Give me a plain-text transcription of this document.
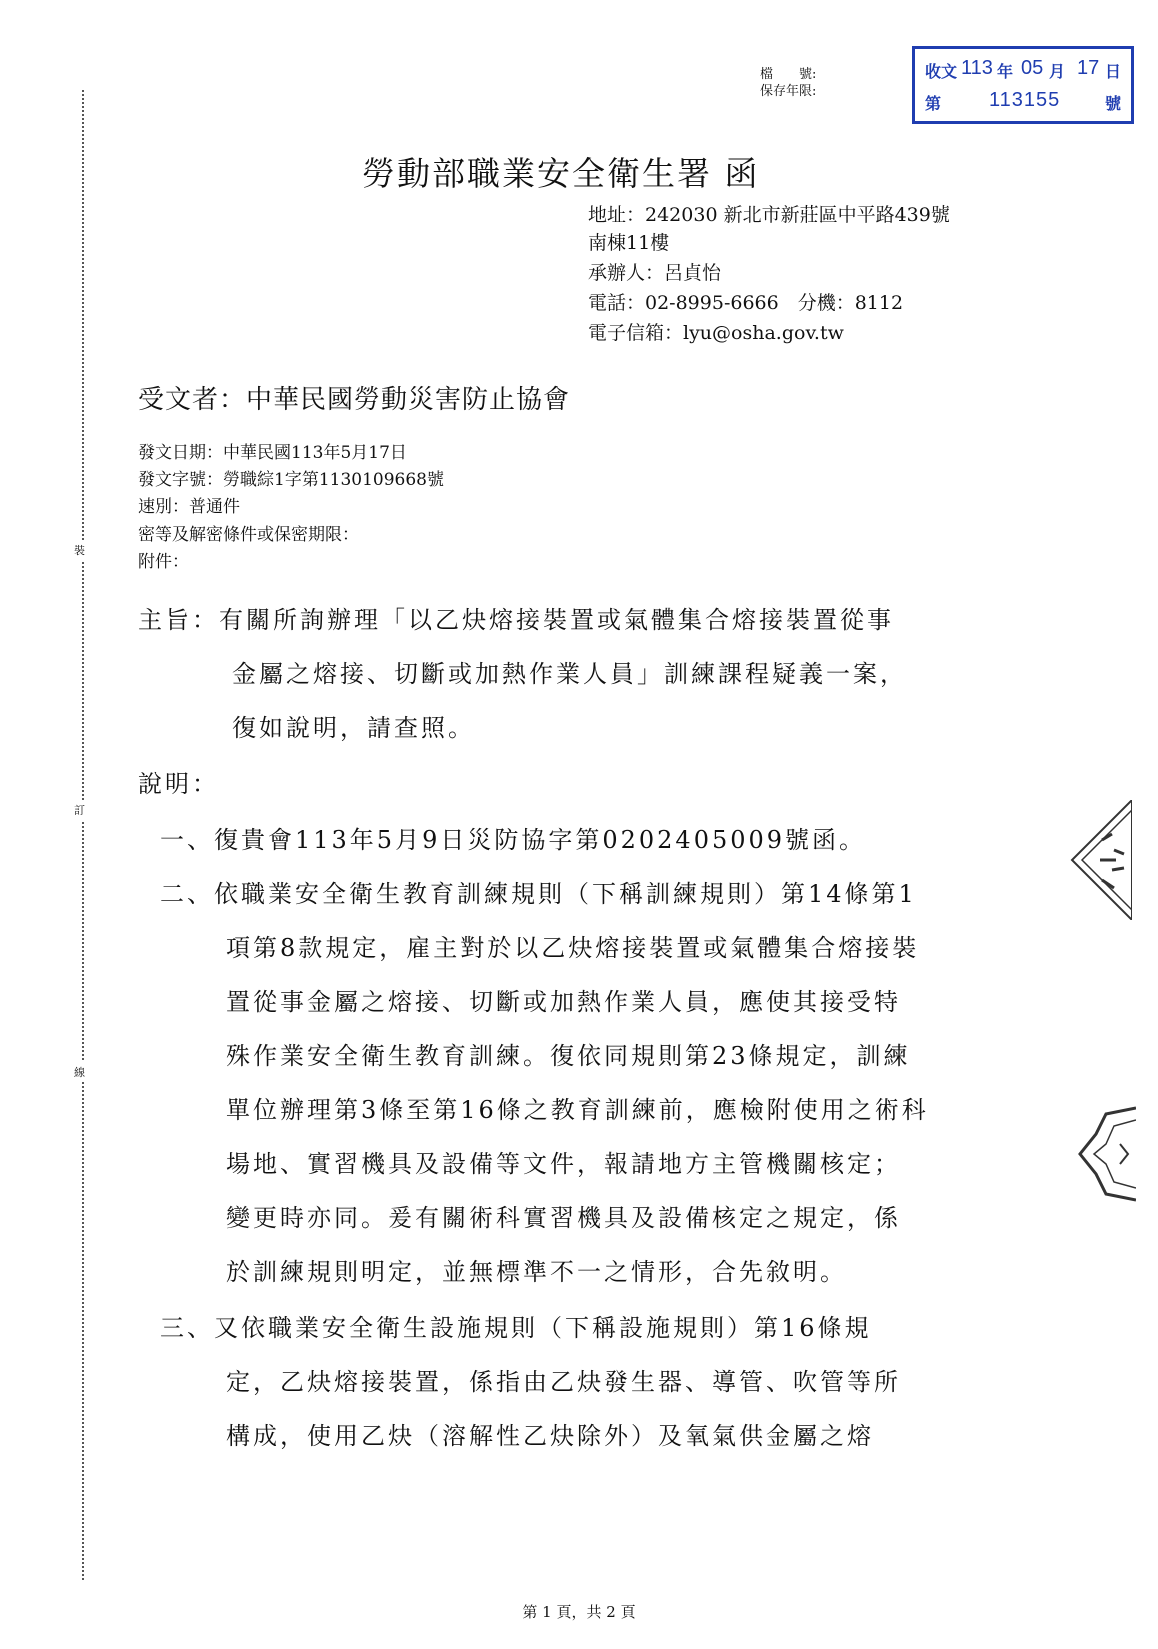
裝
訂
線
檔　　號:
保存年限:
收文 113 年 05 月 17 日
第 113155	號
勞動部職業安全衛生署 函
地址：242030 新北市新莊區中平路439號
南棟11樓
承辦人：呂貞怡
電話：02-8995-6666　分機：8112
電子信箱：lyu@osha.gov.tw
受文者：中華民國勞動災害防止協會
發文日期：中華民國113年5月17日
發文字號：勞職綜1字第1130109668號
速別：普通件
密等及解密條件或保密期限：
附件：
主旨：有關所詢辦理「以乙炔熔接裝置或氣體集合熔接裝置從事
金屬之熔接、切斷或加熱作業人員」訓練課程疑義一案，
復如說明，請查照。
說明：
一、復貴會113年5月9日災防協字第0202405009號函。
二、依職業安全衛生教育訓練規則（下稱訓練規則）第14條第1
項第8款規定，雇主對於以乙炔熔接裝置或氣體集合熔接裝
置從事金屬之熔接、切斷或加熱作業人員，應使其接受特
殊作業安全衛生教育訓練。復依同規則第23條規定，訓練
單位辦理第3條至第16條之教育訓練前，應檢附使用之術科
場地、實習機具及設備等文件，報請地方主管機關核定；
變更時亦同。爰有關術科實習機具及設備核定之規定，係
於訓練規則明定，並無標準不一之情形，合先敘明。
三、又依職業安全衛生設施規則（下稱設施規則）第16條規
定，乙炔熔接裝置，係指由乙炔發生器、導管、吹管等所
構成，使用乙炔（溶解性乙炔除外）及氧氣供金屬之熔
第 1 頁，共 2 頁
